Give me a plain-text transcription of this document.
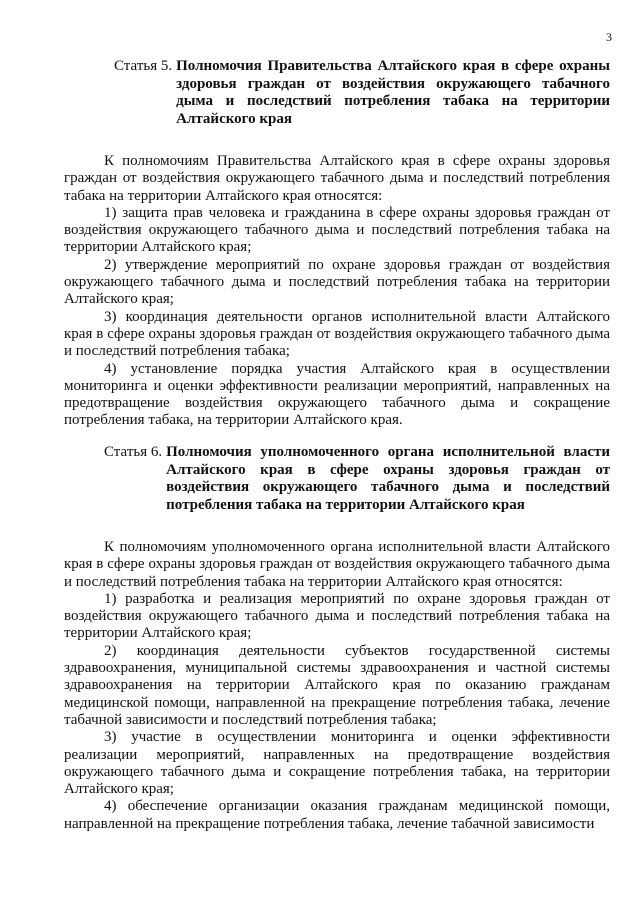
3
Статья 5. Полномочия Правительства Алтайского края в сфере охраны здоровья граждан от воздействия окружающего табачного дыма и последствий потребления табака на территории Алтайского края

К полномочиям Правительства Алтайского края в сфере охраны здоровья граждан от воздействия окружающего табачного дыма и последствий потребления табака на территории Алтайского края относятся:

1) защита прав человека и гражданина в сфере охраны здоровья граждан от воздействия окружающего табачного дыма и последствий потребления табака на территории Алтайского края;

2) утверждение мероприятий по охране здоровья граждан от воздействия окружающего табачного дыма и последствий потребления табака на территории Алтайского края;

3) координация деятельности органов исполнительной власти Алтайского края в сфере охраны здоровья граждан от воздействия окружающего табачного дыма и последствий потребления табака;

4) установление порядка участия Алтайского края в осуществлении мониторинга и оценки эффективности реализации мероприятий, направленных на предотвращение воздействия окружающего табачного дыма и сокращение потребления табака, на территории Алтайского края.

Статья 6. Полномочия уполномоченного органа исполнительной власти Алтайского края в сфере охраны здоровья граждан от воздействия окружающего табачного дыма и последствий потребления табака на территории Алтайского края

К полномочиям уполномоченного органа исполнительной власти Алтайского края в сфере охраны здоровья граждан от воздействия окружающего табачного дыма и последствий потребления табака на территории Алтайского края относятся:

1) разработка и реализация мероприятий по охране здоровья граждан от воздействия окружающего табачного дыма и последствий потребления табака на территории Алтайского края;

2) координация деятельности субъектов государственной системы здравоохранения, муниципальной системы здравоохранения и частной системы здравоохранения на территории Алтайского края по оказанию гражданам медицинской помощи, направленной на прекращение потребления табака, лечение табачной зависимости и последствий потребления табака;

3) участие в осуществлении мониторинга и оценки эффективности реализации мероприятий, направленных на предотвращение воздействия окружающего табачного дыма и сокращение потребления табака, на территории Алтайского края;

4) обеспечение организации оказания гражданам медицинской помощи, направленной на прекращение потребления табака, лечение табачной зависимости
